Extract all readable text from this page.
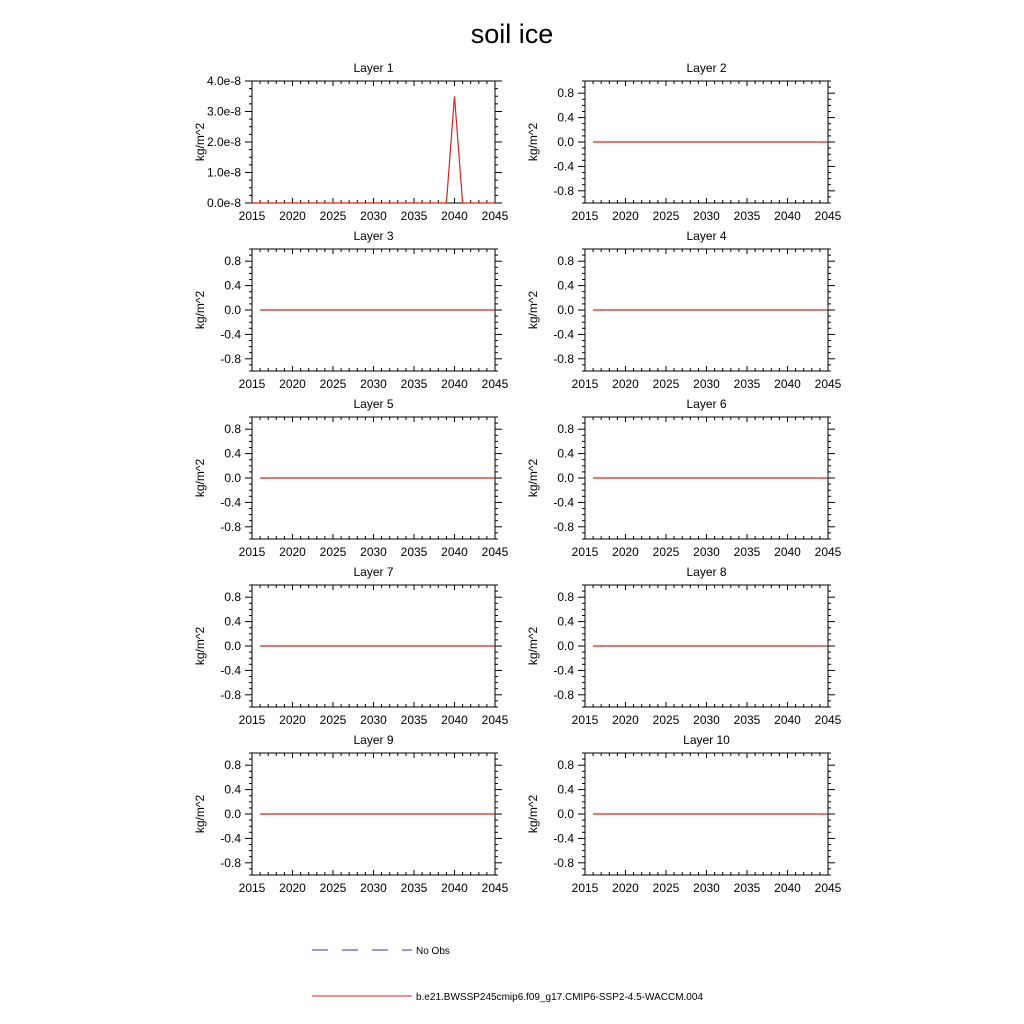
soil ice
Layer 1
2015 2020 2025 2030 2035 2040 2045
0.0e-8
1.0e-8
2.0e-8
3.0e-8
4.0e-8
kg/m^2
Layer 2
2015 2020 2025 2030 2035 2040 2045
-0.8
-0.4
0.0
0.4
0.8
kg/m^2
Layer 3
2015 2020 2025 2030 2035 2040 2045
-0.8
-0.4
0.0
0.4
0.8
kg/m^2
Layer 4
2015 2020 2025 2030 2035 2040 2045
-0.8
-0.4
0.0
0.4
0.8
kg/m^2
Layer 5
2015 2020 2025 2030 2035 2040 2045
-0.8
-0.4
0.0
0.4
0.8
kg/m^2
Layer 6
2015 2020 2025 2030 2035 2040 2045
-0.8
-0.4
0.0
0.4
0.8
kg/m^2
Layer 7
2015 2020 2025 2030 2035 2040 2045
-0.8
-0.4
0.0
0.4
0.8
kg/m^2
Layer 8
2015 2020 2025 2030 2035 2040 2045
-0.8
-0.4
0.0
0.4
0.8
kg/m^2
Layer 9
2015 2020 2025 2030 2035 2040 2045
-0.8
-0.4
0.0
0.4
0.8
kg/m^2
Layer 10
2015 2020 2025 2030 2035 2040 2045
-0.8
-0.4
0.0
0.4
0.8
kg/m^2
No Obs
b.e21.BWSSP245cmip6.f09_g17.CMIP6-SSP2-4.5-WACCM.004
